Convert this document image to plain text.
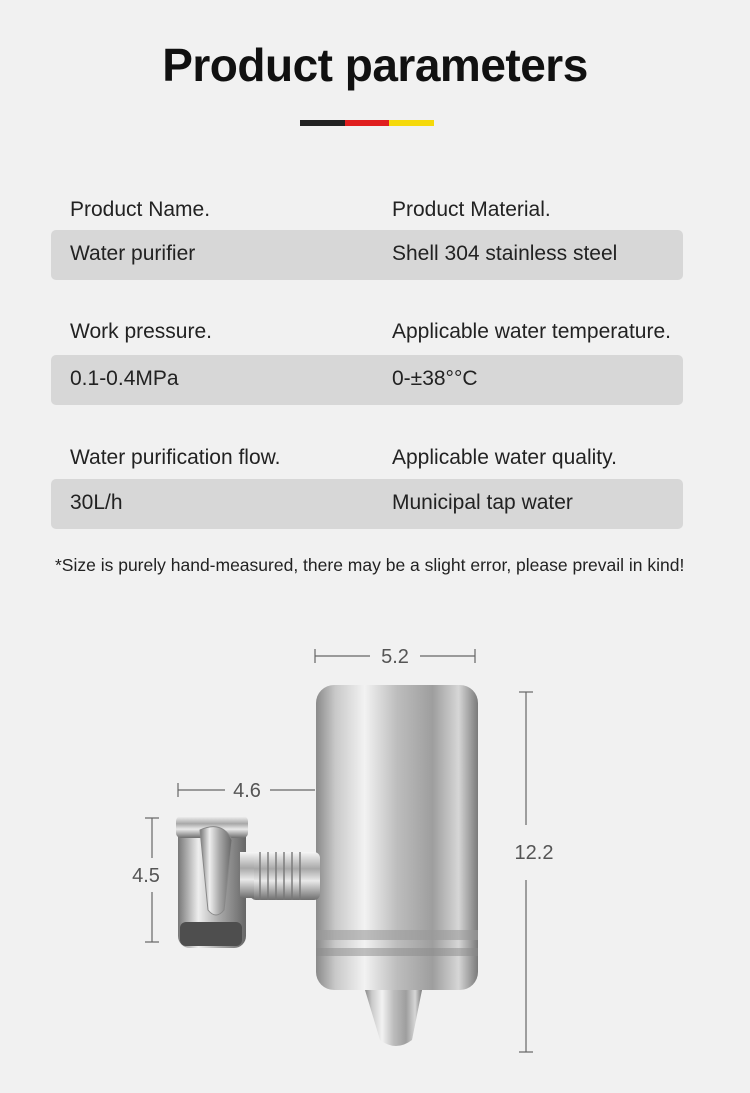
Product parameters
Product Name.	Product Material.
Water purifier	Shell 304 stainless steel
Work pressure.	Applicable water temperature.
0.1-0.4MPa	0-±38°°C
Water purification flow.	Applicable water quality.
30L/h	Municipal tap water
*Size is purely hand-measured, there may be a slight error, please prevail in kind!
5.2
12.2
4.6
4.5
